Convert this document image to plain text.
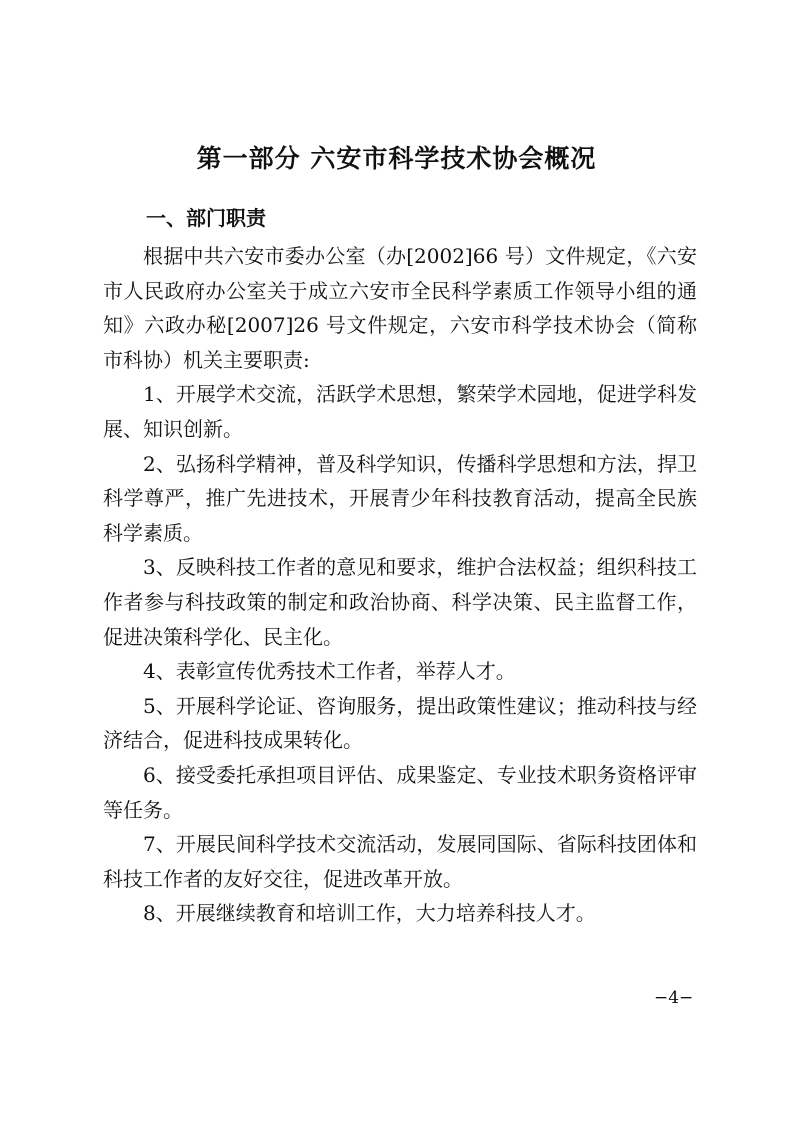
第一部分 六安市科学技术协会概况
一、部门职责

根据中共六安市委办公室（办[2002]66 号）文件规定，《六安市人民政府办公室关于成立六安市全民科学素质工作领导小组的通知》六政办秘[2007]26 号文件规定，六安市科学技术协会（简称市科协）机关主要职责:

1、开展学术交流，活跃学术思想，繁荣学术园地，促进学科发展、知识创新。

2、弘扬科学精神，普及科学知识，传播科学思想和方法，捍卫科学尊严，推广先进技术，开展青少年科技教育活动，提高全民族科学素质。

3、反映科技工作者的意见和要求，维护合法权益；组织科技工作者参与科技政策的制定和政治协商、科学决策、民主监督工作，促进决策科学化、民主化。

4、表彰宣传优秀技术工作者，举荐人才。

5、开展科学论证、咨询服务，提出政策性建议；推动科技与经济结合，促进科技成果转化。

6、接受委托承担项目评估、成果鉴定、专业技术职务资格评审等任务。

7、开展民间科学技术交流活动，发展同国际、省际科技团体和科技工作者的友好交往，促进改革开放。

8、开展继续教育和培训工作，大力培养科技人才。

−4−
